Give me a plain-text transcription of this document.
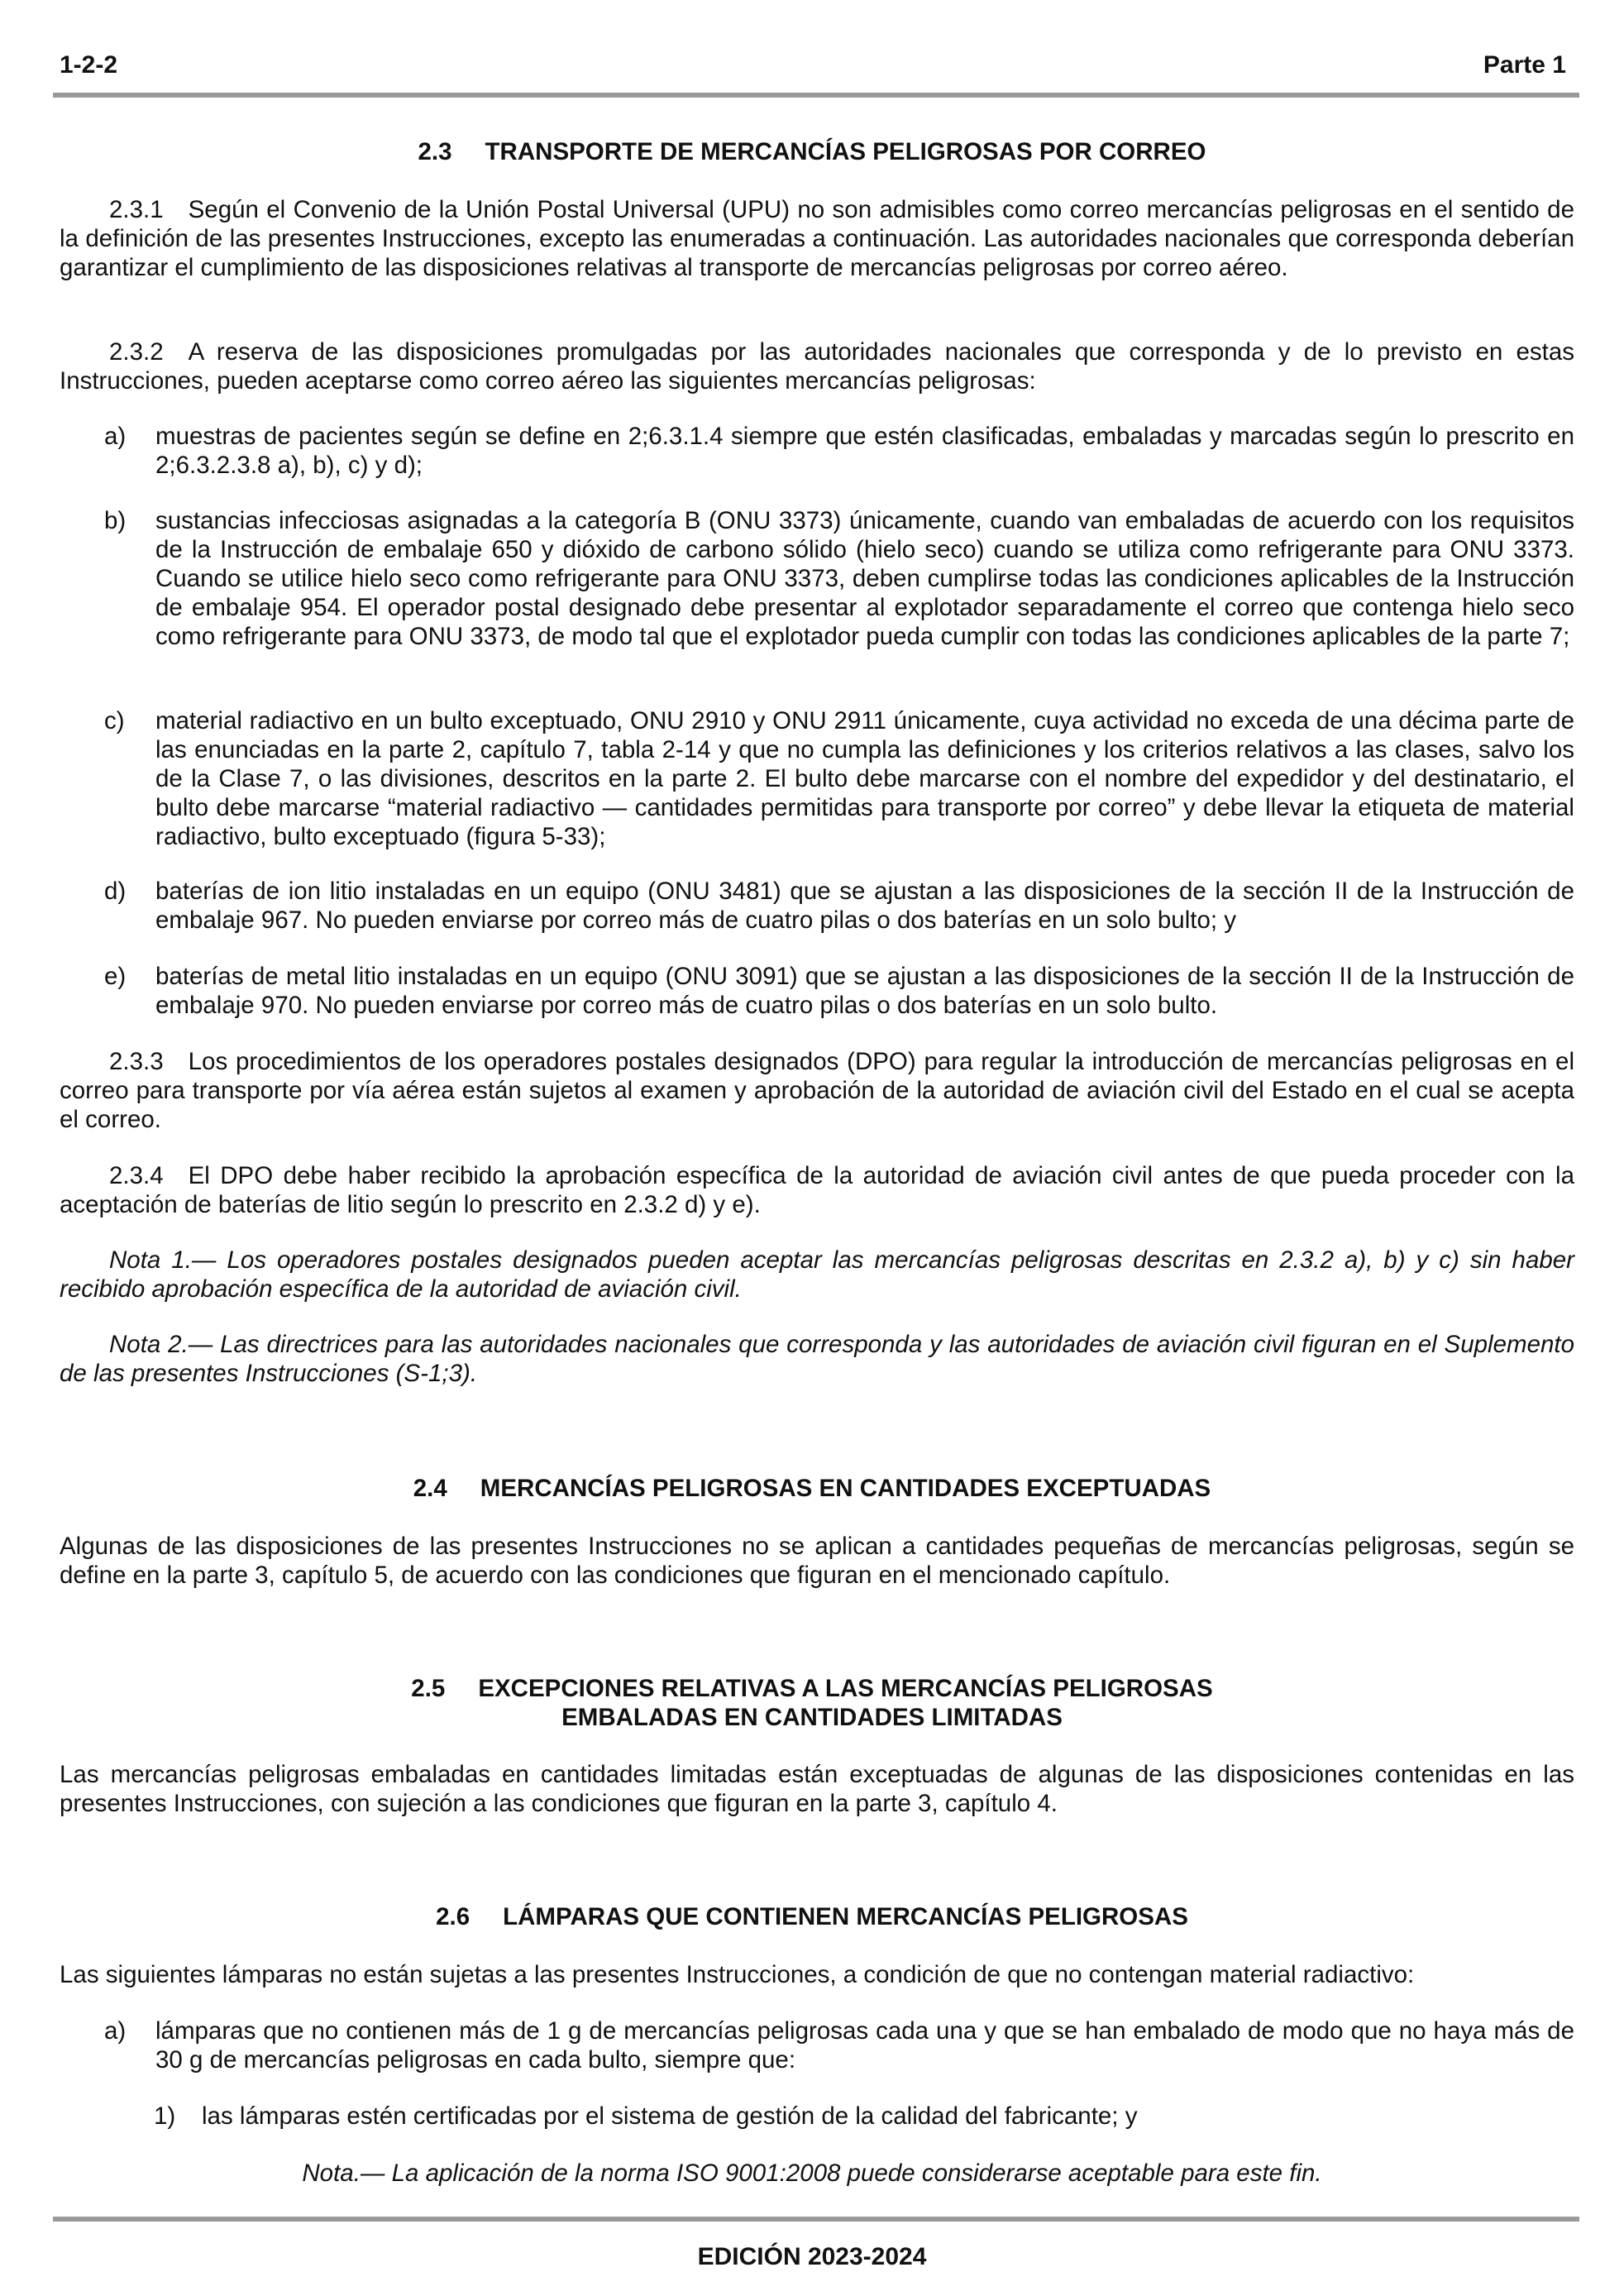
1-2-2	Parte 1
2.3 TRANSPORTE DE MERCANCÍAS PELIGROSAS POR CORREO
2.3.1 Según el Convenio de la Unión Postal Universal (UPU) no son admisibles como correo mercancías peligrosas en el sentido de la definición de las presentes Instrucciones, excepto las enumeradas a continuación. Las autoridades nacionales que corresponda deberían garantizar el cumplimiento de las disposiciones relativas al transporte de mercancías peligrosas por correo aéreo.
2.3.2 A reserva de las disposiciones promulgadas por las autoridades nacionales que corresponda y de lo previsto en estas Instrucciones, pueden aceptarse como correo aéreo las siguientes mercancías peligrosas:
a) muestras de pacientes según se define en 2;6.3.1.4 siempre que estén clasificadas, embaladas y marcadas según lo prescrito en 2;6.3.2.3.8 a), b), c) y d);
b) sustancias infecciosas asignadas a la categoría B (ONU 3373) únicamente, cuando van embaladas de acuerdo con los requisitos de la Instrucción de embalaje 650 y dióxido de carbono sólido (hielo seco) cuando se utiliza como refrigerante para ONU 3373. Cuando se utilice hielo seco como refrigerante para ONU 3373, deben cumplirse todas las condiciones aplicables de la Instrucción de embalaje 954. El operador postal designado debe presentar al explotador separadamente el correo que contenga hielo seco como refrigerante para ONU 3373, de modo tal que el explotador pueda cumplir con todas las condiciones aplicables de la parte 7;
c) material radiactivo en un bulto exceptuado, ONU 2910 y ONU 2911 únicamente, cuya actividad no exceda de una décima parte de las enunciadas en la parte 2, capítulo 7, tabla 2-14 y que no cumpla las definiciones y los criterios relativos a las clases, salvo los de la Clase 7, o las divisiones, descritos en la parte 2. El bulto debe marcarse con el nombre del expedidor y del destinatario, el bulto debe marcarse “material radiactivo — cantidades permitidas para transporte por correo” y debe llevar la etiqueta de material radiactivo, bulto exceptuado (figura 5-33);
d) baterías de ion litio instaladas en un equipo (ONU 3481) que se ajustan a las disposiciones de la sección II de la Instrucción de embalaje 967. No pueden enviarse por correo más de cuatro pilas o dos baterías en un solo bulto; y
e) baterías de metal litio instaladas en un equipo (ONU 3091) que se ajustan a las disposiciones de la sección II de la Instrucción de embalaje 970. No pueden enviarse por correo más de cuatro pilas o dos baterías en un solo bulto.
2.3.3 Los procedimientos de los operadores postales designados (DPO) para regular la introducción de mercancías peligrosas en el correo para transporte por vía aérea están sujetos al examen y aprobación de la autoridad de aviación civil del Estado en el cual se acepta el correo.
2.3.4 El DPO debe haber recibido la aprobación específica de la autoridad de aviación civil antes de que pueda proceder con la aceptación de baterías de litio según lo prescrito en 2.3.2 d) y e).
Nota 1.— Los operadores postales designados pueden aceptar las mercancías peligrosas descritas en 2.3.2 a), b) y c) sin haber recibido aprobación específica de la autoridad de aviación civil.
Nota 2.— Las directrices para las autoridades nacionales que corresponda y las autoridades de aviación civil figuran en el Suplemento de las presentes Instrucciones (S-1;3).
2.4 MERCANCÍAS PELIGROSAS EN CANTIDADES EXCEPTUADAS
Algunas de las disposiciones de las presentes Instrucciones no se aplican a cantidades pequeñas de mercancías peligrosas, según se define en la parte 3, capítulo 5, de acuerdo con las condiciones que figuran en el mencionado capítulo.
2.5 EXCEPCIONES RELATIVAS A LAS MERCANCÍAS PELIGROSAS
EMBALADAS EN CANTIDADES LIMITADAS
Las mercancías peligrosas embaladas en cantidades limitadas están exceptuadas de algunas de las disposiciones contenidas en las presentes Instrucciones, con sujeción a las condiciones que figuran en la parte 3, capítulo 4.
2.6 LÁMPARAS QUE CONTIENEN MERCANCÍAS PELIGROSAS
Las siguientes lámparas no están sujetas a las presentes Instrucciones, a condición de que no contengan material radiactivo:
a) lámparas que no contienen más de 1 g de mercancías peligrosas cada una y que se han embalado de modo que no haya más de 30 g de mercancías peligrosas en cada bulto, siempre que:
1) las lámparas estén certificadas por el sistema de gestión de la calidad del fabricante; y
Nota.— La aplicación de la norma ISO 9001:2008 puede considerarse aceptable para este fin.
EDICIÓN 2023-2024
